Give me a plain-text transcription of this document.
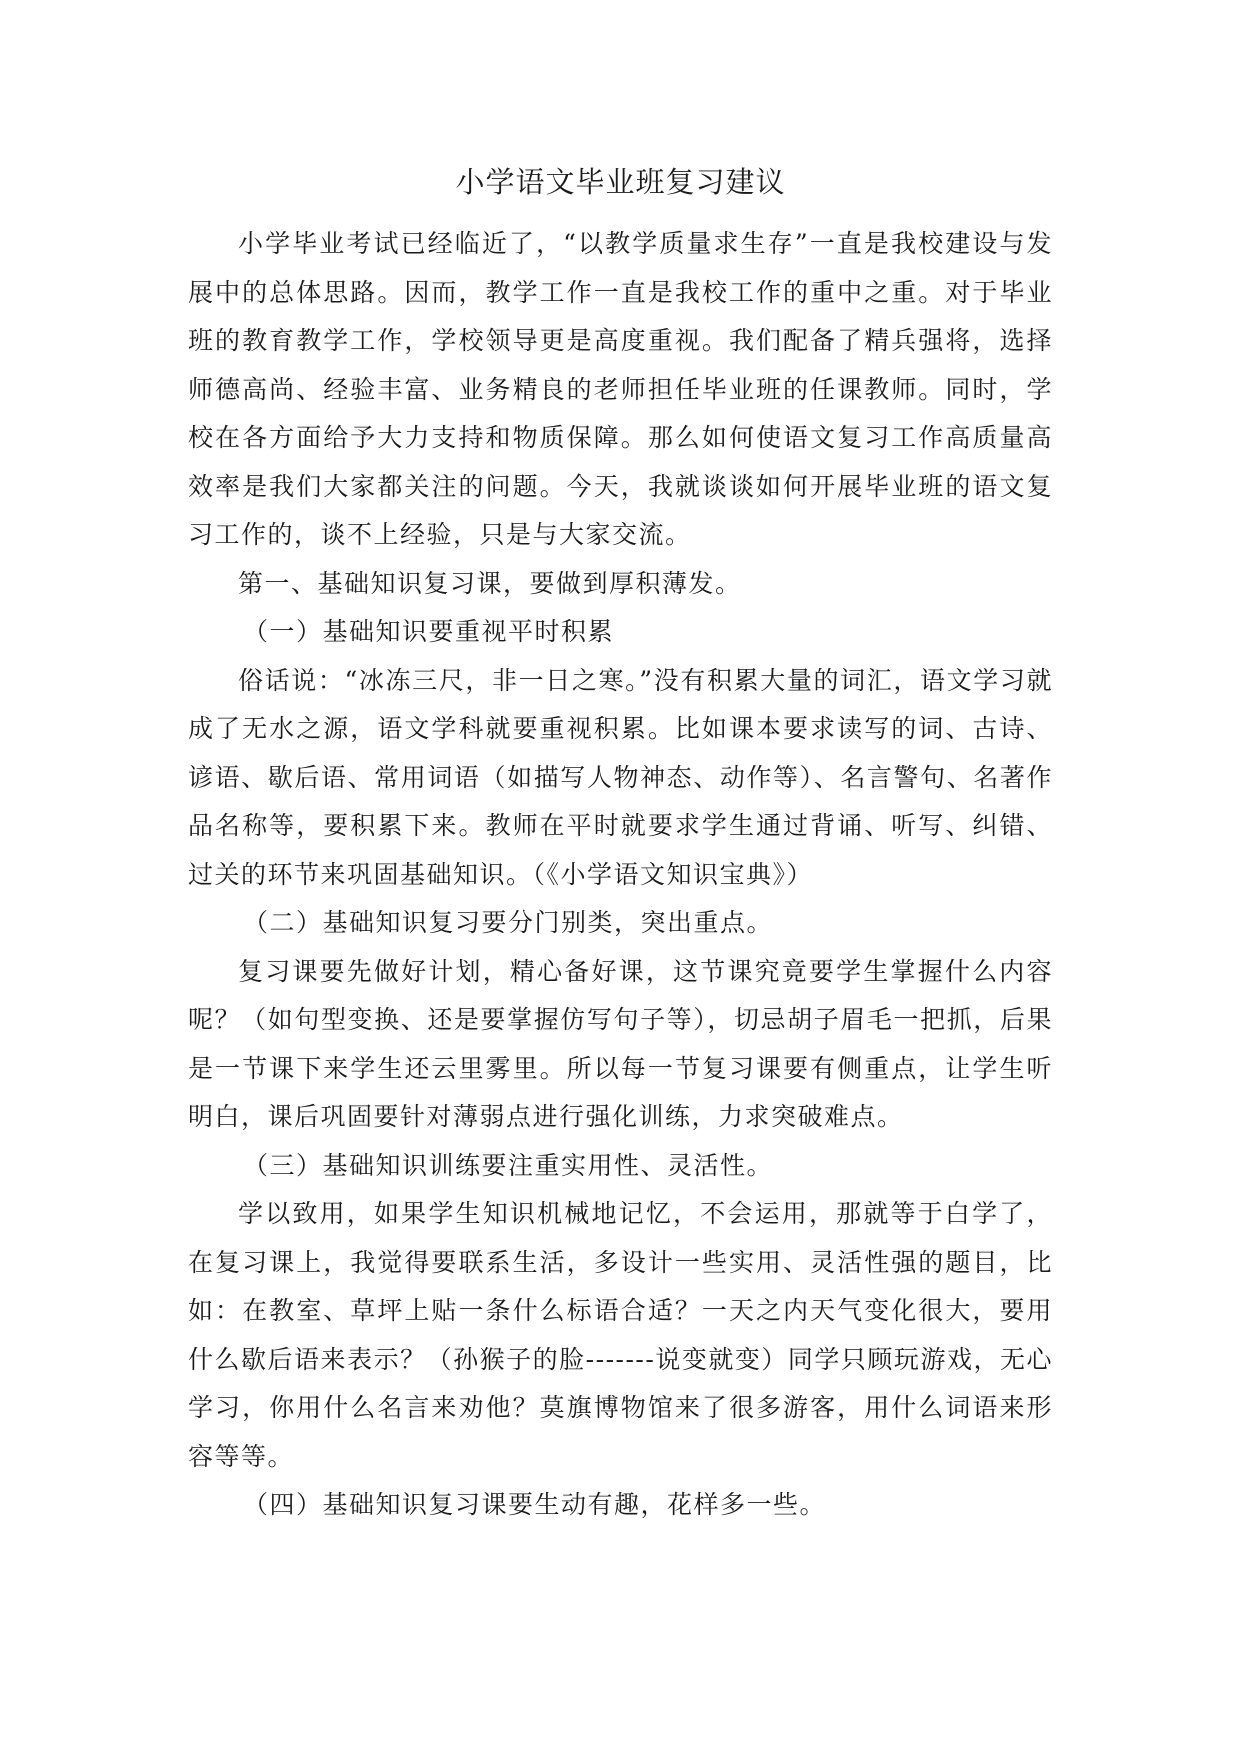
小学语文毕业班复习建议

小学毕业考试已经临近了，“以教学质量求生存”一直是我校建设与发展中的总体思路。因而，教学工作一直是我校工作的重中之重。对于毕业班的教育教学工作，学校领导更是高度重视。我们配备了精兵强将，选择师德高尚、经验丰富、业务精良的老师担任毕业班的任课教师。同时，学校在各方面给予大力支持和物质保障。那么如何使语文复习工作高质量高效率是我们大家都关注的问题。今天，我就谈谈如何开展毕业班的语文复习工作的，谈不上经验，只是与大家交流。

第一、基础知识复习课，要做到厚积薄发。

（一）基础知识要重视平时积累

俗话说：“冰冻三尺，非一日之寒。”没有积累大量的词汇，语文学习就成了无水之源，语文学科就要重视积累。比如课本要求读写的词、古诗、谚语、歇后语、常用词语（如描写人物神态、动作等）、名言警句、名著作品名称等，要积累下来。教师在平时就要求学生通过背诵、听写、纠错、过关的环节来巩固基础知识。（《小学语文知识宝典》）

（二）基础知识复习要分门别类，突出重点。

复习课要先做好计划，精心备好课，这节课究竟要学生掌握什么内容呢？（如句型变换、还是要掌握仿写句子等），切忌胡子眉毛一把抓，后果是一节课下来学生还云里雾里。所以每一节复习课要有侧重点，让学生听明白，课后巩固要针对薄弱点进行强化训练，力求突破难点。

（三）基础知识训练要注重实用性、灵活性。

学以致用，如果学生知识机械地记忆，不会运用，那就等于白学了，在复习课上，我觉得要联系生活，多设计一些实用、灵活性强的题目，比如：在教室、草坪上贴一条什么标语合适？一天之内天气变化很大，要用什么歇后语来表示？（孙猴子的脸-------说变就变）同学只顾玩游戏，无心学习，你用什么名言来劝他？莫旗博物馆来了很多游客，用什么词语来形容等等。

（四）基础知识复习课要生动有趣，花样多一些。
